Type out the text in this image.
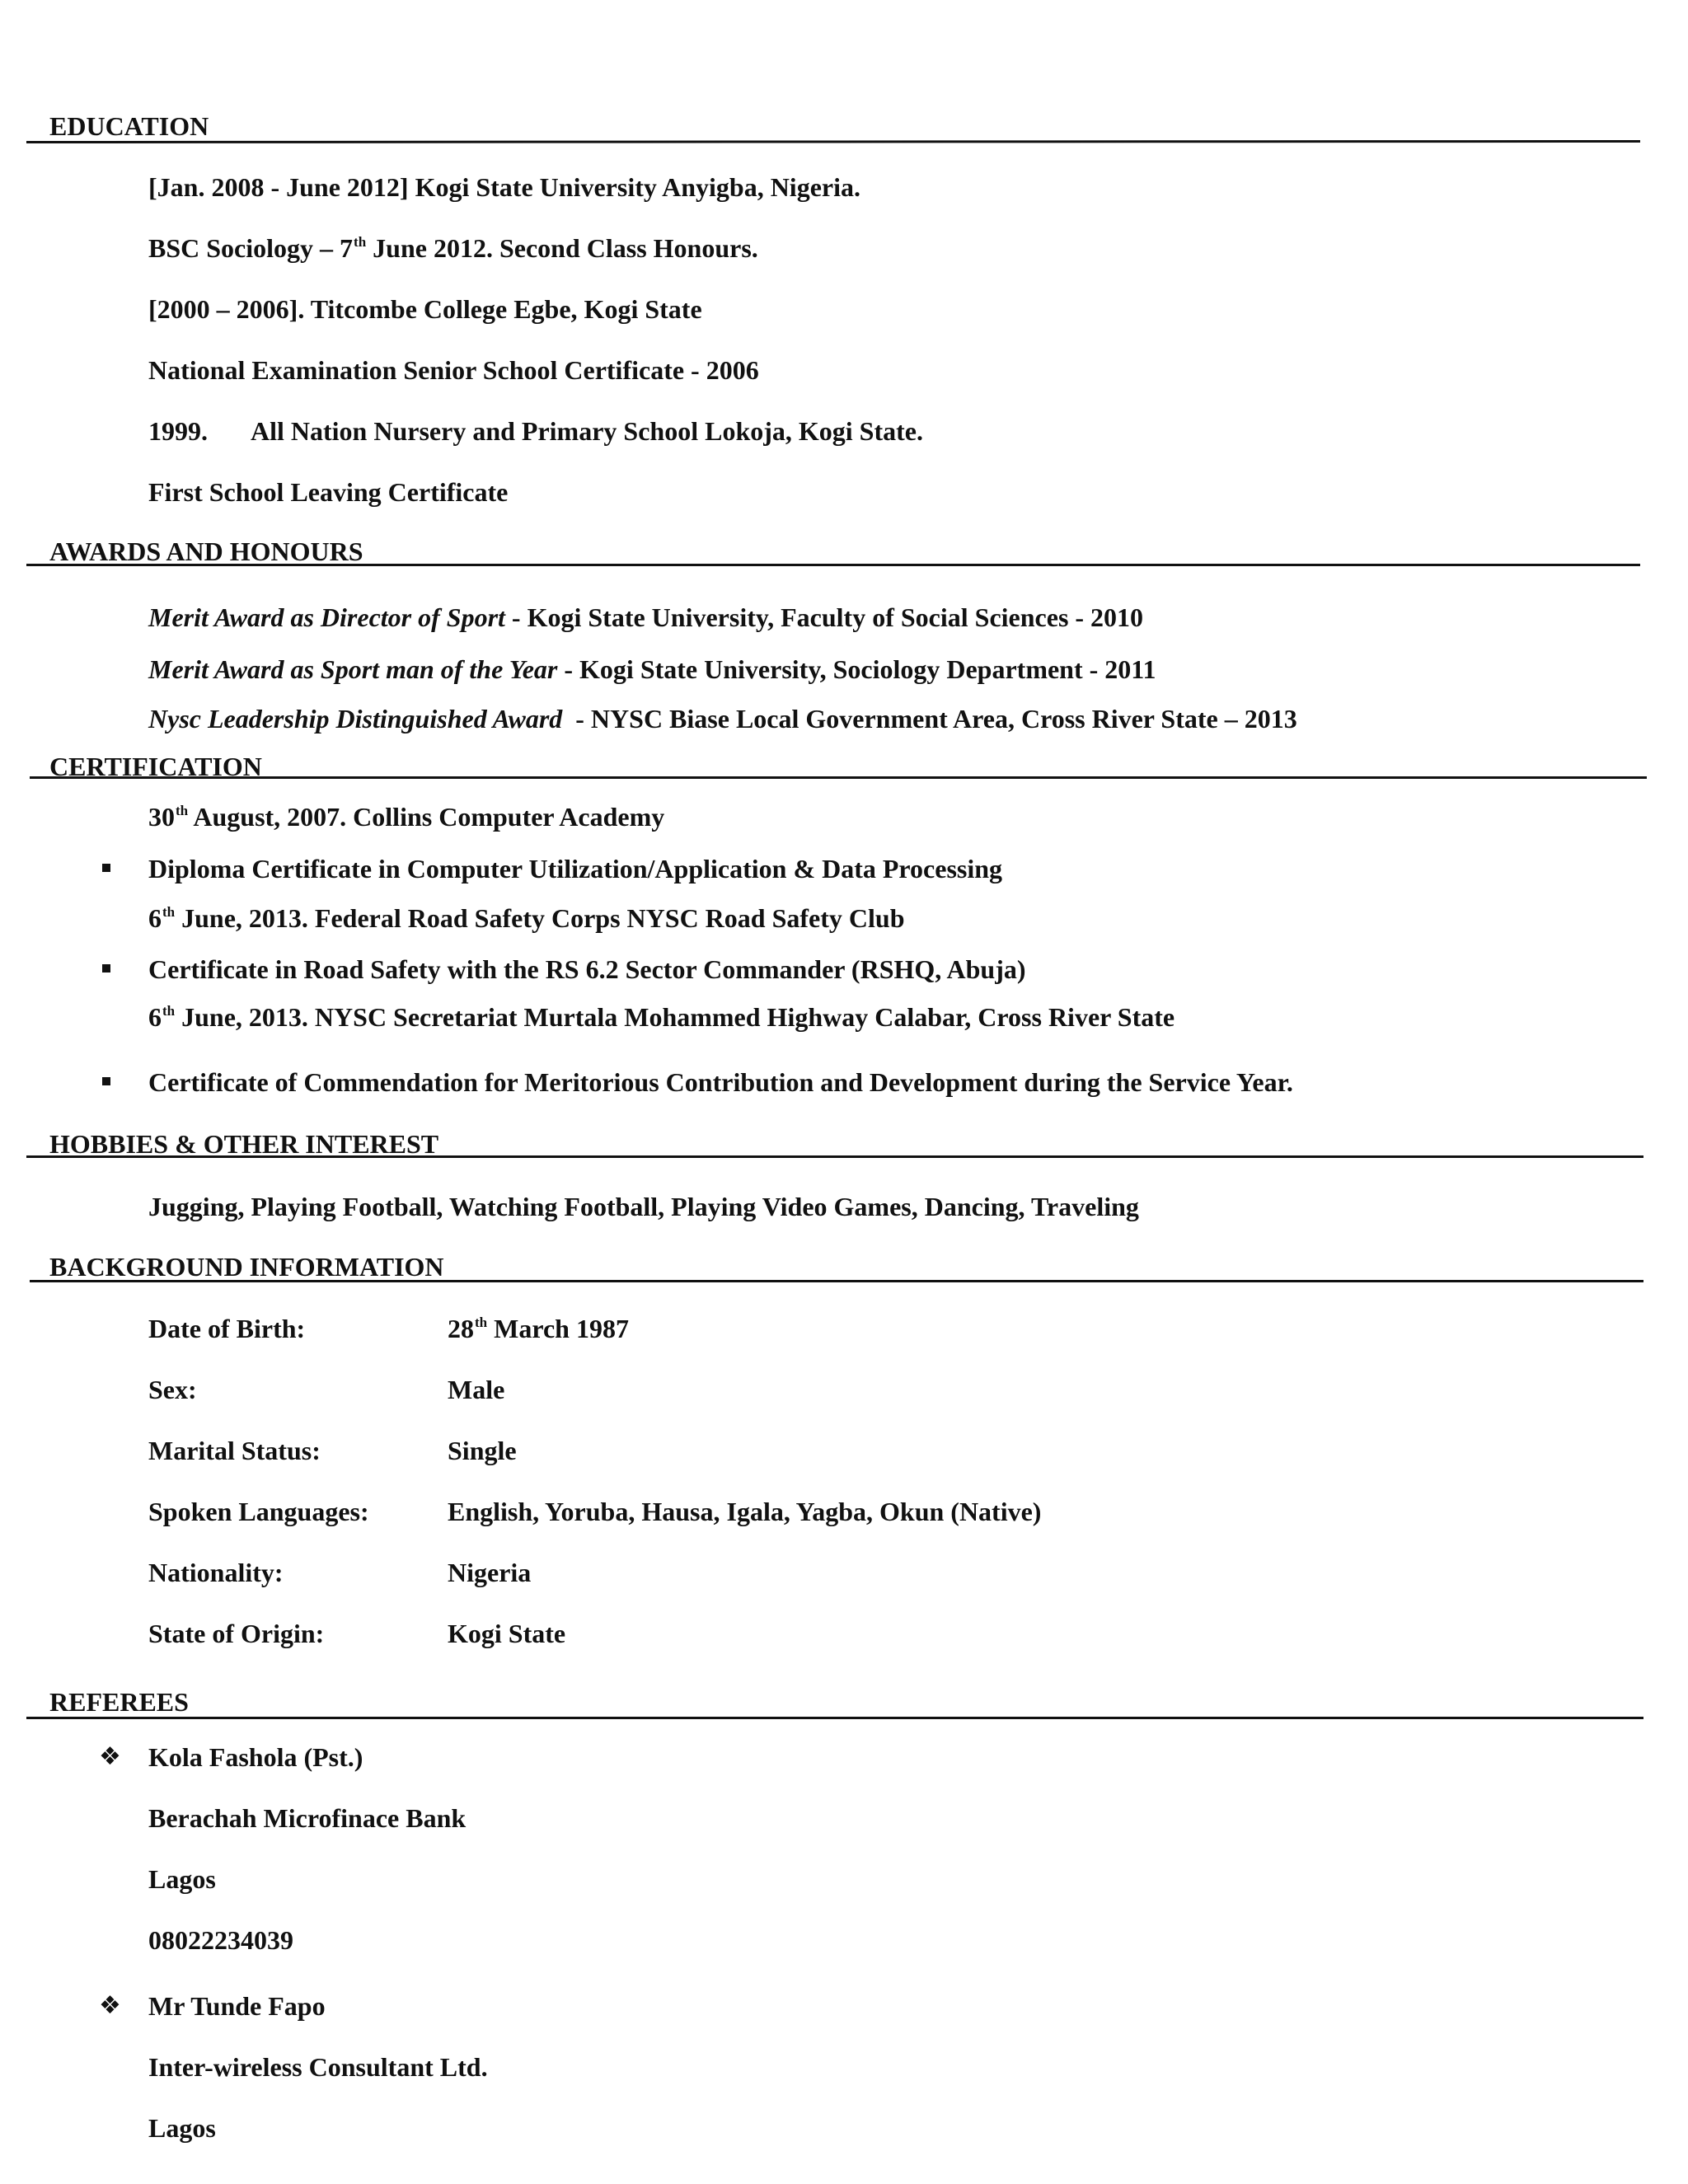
EDUCATION
[Jan. 2008 - June 2012] Kogi State University Anyigba, Nigeria.
BSC Sociology – 7th June 2012. Second Class Honours.
[2000 – 2006]. Titcombe College Egbe, Kogi State
National Examination Senior School Certificate - 2006
1999. All Nation Nursery and Primary School Lokoja, Kogi State.
First School Leaving Certificate
AWARDS AND HONOURS
Merit Award as Director of Sport - Kogi State University, Faculty of Social Sciences - 2010
Merit Award as Sport man of the Year - Kogi State University, Sociology Department - 2011
Nysc Leadership Distinguished Award  - NYSC Biase Local Government Area, Cross River State – 2013
CERTIFICATION
30th August, 2007. Collins Computer Academy
Diploma Certificate in Computer Utilization/Application & Data Processing
6th June, 2013. Federal Road Safety Corps NYSC Road Safety Club
Certificate in Road Safety with the RS 6.2 Sector Commander (RSHQ, Abuja)
6th June, 2013. NYSC Secretariat Murtala Mohammed Highway Calabar, Cross River State
Certificate of Commendation for Meritorious Contribution and Development during the Service Year.
HOBBIES & OTHER INTEREST
Jugging, Playing Football, Watching Football, Playing Video Games, Dancing, Traveling
BACKGROUND INFORMATION
Date of Birth:	28th March 1987
Sex:	Male
Marital Status:	Single
Spoken Languages:	English, Yoruba, Hausa, Igala, Yagba, Okun (Native)
Nationality:	Nigeria
State of Origin:	Kogi State
REFEREES
❖ Kola Fashola (Pst.)
Berachah Microfinace Bank
Lagos
08022234039
❖ Mr Tunde Fapo
Inter-wireless Consultant Ltd.
Lagos
